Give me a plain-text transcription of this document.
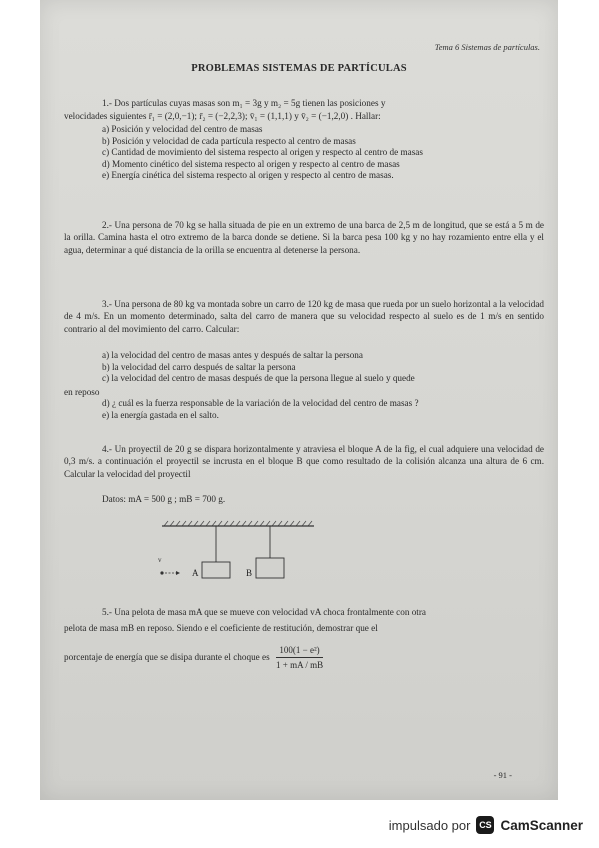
Tema 6 Sistemas de partículas.
PROBLEMAS SISTEMAS DE PARTÍCULAS
1.- Dos partículas cuyas masas son m₁ = 3g y m₂ = 5g tienen las posiciones y
velocidades siguientes r̄₁ = (2,0,−1); r̄₂ = (−2,2,3); v̄₁ = (1,1,1) y v̄₂ = (−1,2,0) . Hallar:
a) Posición y velocidad del centro de masas
b) Posición y velocidad de cada partícula respecto al centro de masas
c) Cantidad de movimiento del sistema respecto al origen y respecto al centro de masas
d) Momento cinético del sistema respecto al origen y respecto al centro de masas
e) Energía cinética del sistema respecto al origen y respecto al centro de masas.
2.- Una persona de 70 kg se halla situada de pie en un extremo de una barca de 2,5 m de longitud, que se está a 5 m de la orilla. Camina hasta el otro extremo de la barca donde se detiene. Si la barca pesa 100 kg y no hay rozamiento entre ella y el agua, determinar a qué distancia de la orilla se encuentra al detenerse la persona.
3.- Una persona de 80 kg va montada sobre un carro de 120 kg de masa que rueda por un suelo horizontal a la velocidad de 4 m/s. En un momento determinado, salta del carro de manera que su velocidad respecto al suelo es de 1 m/s en sentido contrario al del movimiento del carro. Calcular:
a) la velocidad del centro de masas antes y después de saltar la persona
b) la velocidad del carro después de saltar la persona
c) la velocidad del centro de masas después de que la persona llegue al suelo y quede
en reposo
d) ¿ cuál es la fuerza responsable de la variación de la velocidad del centro de masas ?
e) la energía gastada en el salto.
4.- Un proyectil de 20 g se dispara horizontalmente y atraviesa el bloque A de la fig, el cual adquiere una velocidad de 0,3 m/s. a continuación el proyectil se incrusta en el bloque B que como resultado de la colisión alcanza una altura de 6 cm. Calcular la velocidad del proyectil
Datos: mA = 500 g ; mB = 700 g.
v
A	B
5.- Una pelota de masa mA que se mueve con velocidad vA choca frontalmente con otra
pelota de masa mB en reposo. Siendo e el coeficiente de restitución, demostrar que el
porcentaje de energía que se disipa durante el choque es $\frac{\text{100(1 − e²)}}{1 + mA / mB}$
- 91 -
impulsado por CS CamScanner
